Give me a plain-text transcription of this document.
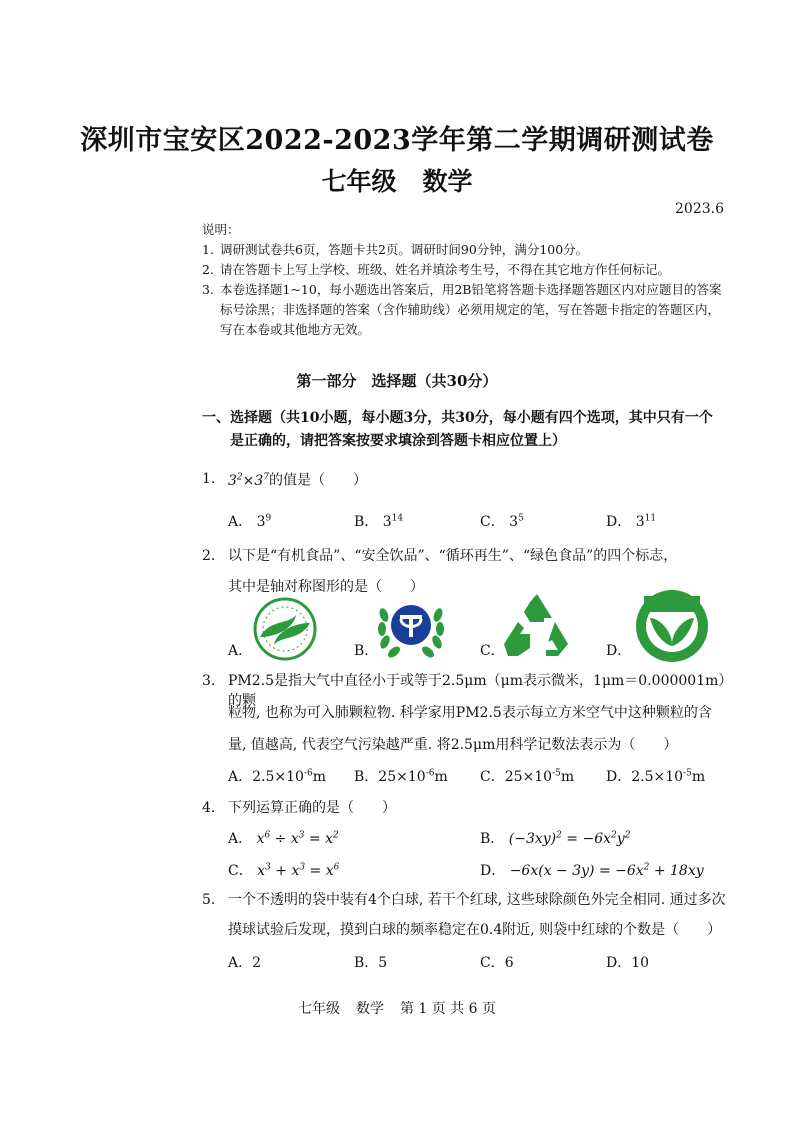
深圳市宝安区2022-2023学年第二学期调研测试卷
七年级 数学
2023.6
说明：
1. 调研测试卷共6页，答题卡共2页。调研时间90分钟，满分100分。
2. 请在答题卡上写上学校、班级、姓名并填涂考生号，不得在其它地方作任何标记。
3. 本卷选择题1~10，每小题选出答案后，用2B铅笔将答题卡选择题答题区内对应题目的答案标号涂黑；非选择题的答案（含作辅助线）必须用规定的笔，写在答题卡指定的答题区内，写在本卷或其他地方无效。
第一部分　选择题（共30分）
一、选择题（共10小题，每小题3分，共30分，每小题有四个选项，其中只有一个
是正确的，请把答案按要求填涂到答题卡相应位置上）
1. $3^2\times 3^7$的值是（　　）
A． $3^9$	B． $3^{14}$	C． $3^5$	D． $3^{11}$
2. 以下是“有机食品”、“安全饮品”、“循环再生”、“绿色食品”的四个标志，
其中是轴对称图形的是（　　）
A．	B．	C．	D．
3. PM2.5是指大气中直径小于或等于2.5μm（μm表示微米，1μm＝0.000001m）的颗
粒物, 也称为可入肺颗粒物. 科学家用PM2.5表示每立方米空气中这种颗粒的含
量, 值越高, 代表空气污染越严重. 将2.5μm用科学记数法表示为（　　）
A．$2.5\times 10^{-6}m$ B．$25\times 10^{-6}m$ C．$25\times 10^{-5}m$ D．$2.5\times 10^{-5}m$
4. 下列运算正确的是（　　）
A． $x^6 \div x^3 = x^2$	B． $(-3xy)^2 = -6x^2y^2$
C． $x^3 + x^3 = x^6$	D． $-6x(x - 3y) = -6x^2 + 18xy$
5. 一个不透明的袋中装有4个白球, 若干个红球, 这些球除颜色外完全相同. 通过多次
摸球试验后发现，摸到白球的频率稳定在0.4附近, 则袋中红球的个数是（　　）
A．2	B．5	C．6	D．10
七年级 数学 第 1 页 共 6 页
